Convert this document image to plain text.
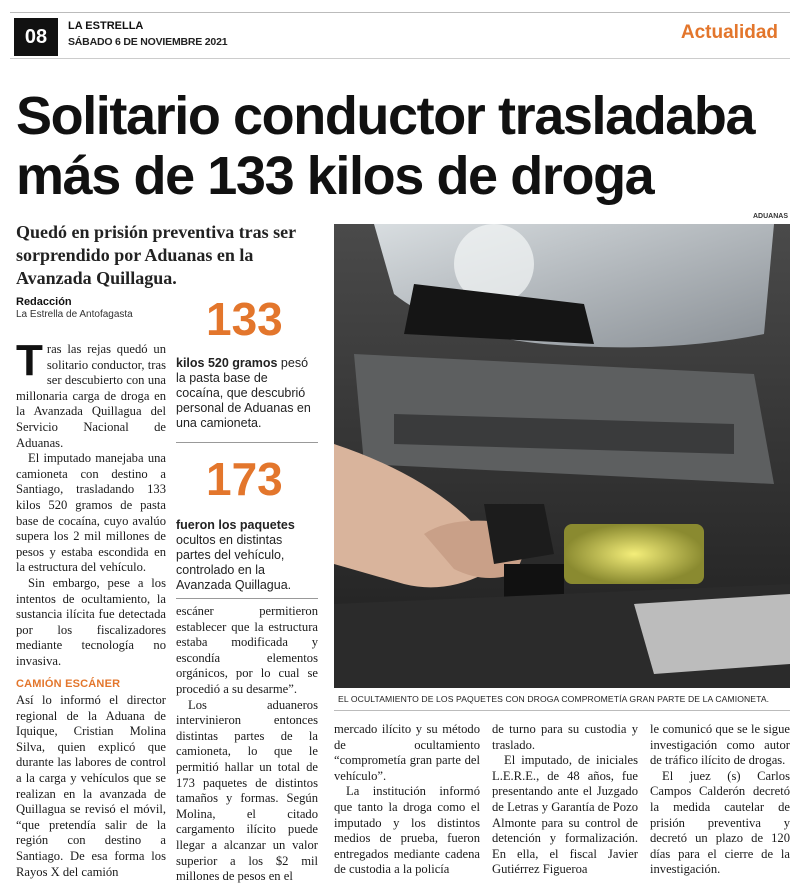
08	LA ESTRELLA
SÁBADO 6 DE NOVIEMBRE 2021	Actualidad
Solitario conductor trasladaba
más de 133 kilos de droga
Quedó en prisión preventiva tras ser sorprendido por Aduanas en la Avanzada Quillagua.
Redacción
La Estrella de Antofagasta

Tras las rejas quedó un solitario conductor, tras ser descubierto con una millonaria carga de droga en la Avanzada Quillagua del Servicio Nacional de Aduanas.

El imputado manejaba una camioneta con destino a Santiago, trasladando 133 kilos 520 gramos de pasta base de cocaína, cuyo avalúo supera los 2 mil millones de pesos y estaba escondida en la estructura del vehículo.

Sin embargo, pese a los intentos de ocultamiento, la sustancia ilícita fue detectada por los fiscalizadores mediante tecnología no invasiva.

CAMIÓN ESCÁNER

Así lo informó el director regional de la Aduana de Iquique, Cristian Molina Silva, quien explicó que durante las labores de control a la carga y vehículos que se realizan en la avanzada de Quillagua se revisó el móvil, “que pretendía salir de la región con destino a Santiago. De esa forma los Rayos X del camión

133
kilos 520 gramos pesó la pasta base de cocaína, que descubrió personal de Aduanas en una camioneta.
173
fueron los paquetes ocultos en distintas partes del vehículo, controlado en la Avanzada Quillagua.

escáner permitieron establecer que la estructura estaba modificada y escondía elementos orgánicos, por lo cual se procedió a su desarme”.

Los aduaneros intervinieron entonces distintas partes de la camioneta, lo que le permitió hallar un total de 173 paquetes de distintos tamaños y formas. Según Molina, el citado cargamento ilícito puede llegar a alcanzar un valor superior a los $2 mil millones de pesos en el

ADUANAS
EL OCULTAMIENTO DE LOS PAQUETES CON DROGA COMPROMETÍA GRAN PARTE DE LA CAMIONETA.

mercado ilícito y su método de ocultamiento “comprometía gran parte del vehículo”.

La institución informó que tanto la droga como el imputado y los distintos medios de prueba, fueron entregados mediante cadena de custodia a la policía

de turno para su custodia y traslado.

El imputado, de iniciales L.E.R.E., de 48 años, fue presentando ante el Juzgado de Letras y Garantía de Pozo Almonte para su control de detención y formalización. En ella, el fiscal Javier Gutiérrez Figueroa

le comunicó que se le sigue investigación como autor de tráfico ilícito de drogas.

El juez (s) Carlos Campos Calderón decretó la medida cautelar de prisión preventiva y decretó un plazo de 120 días para el cierre de la investigación.
